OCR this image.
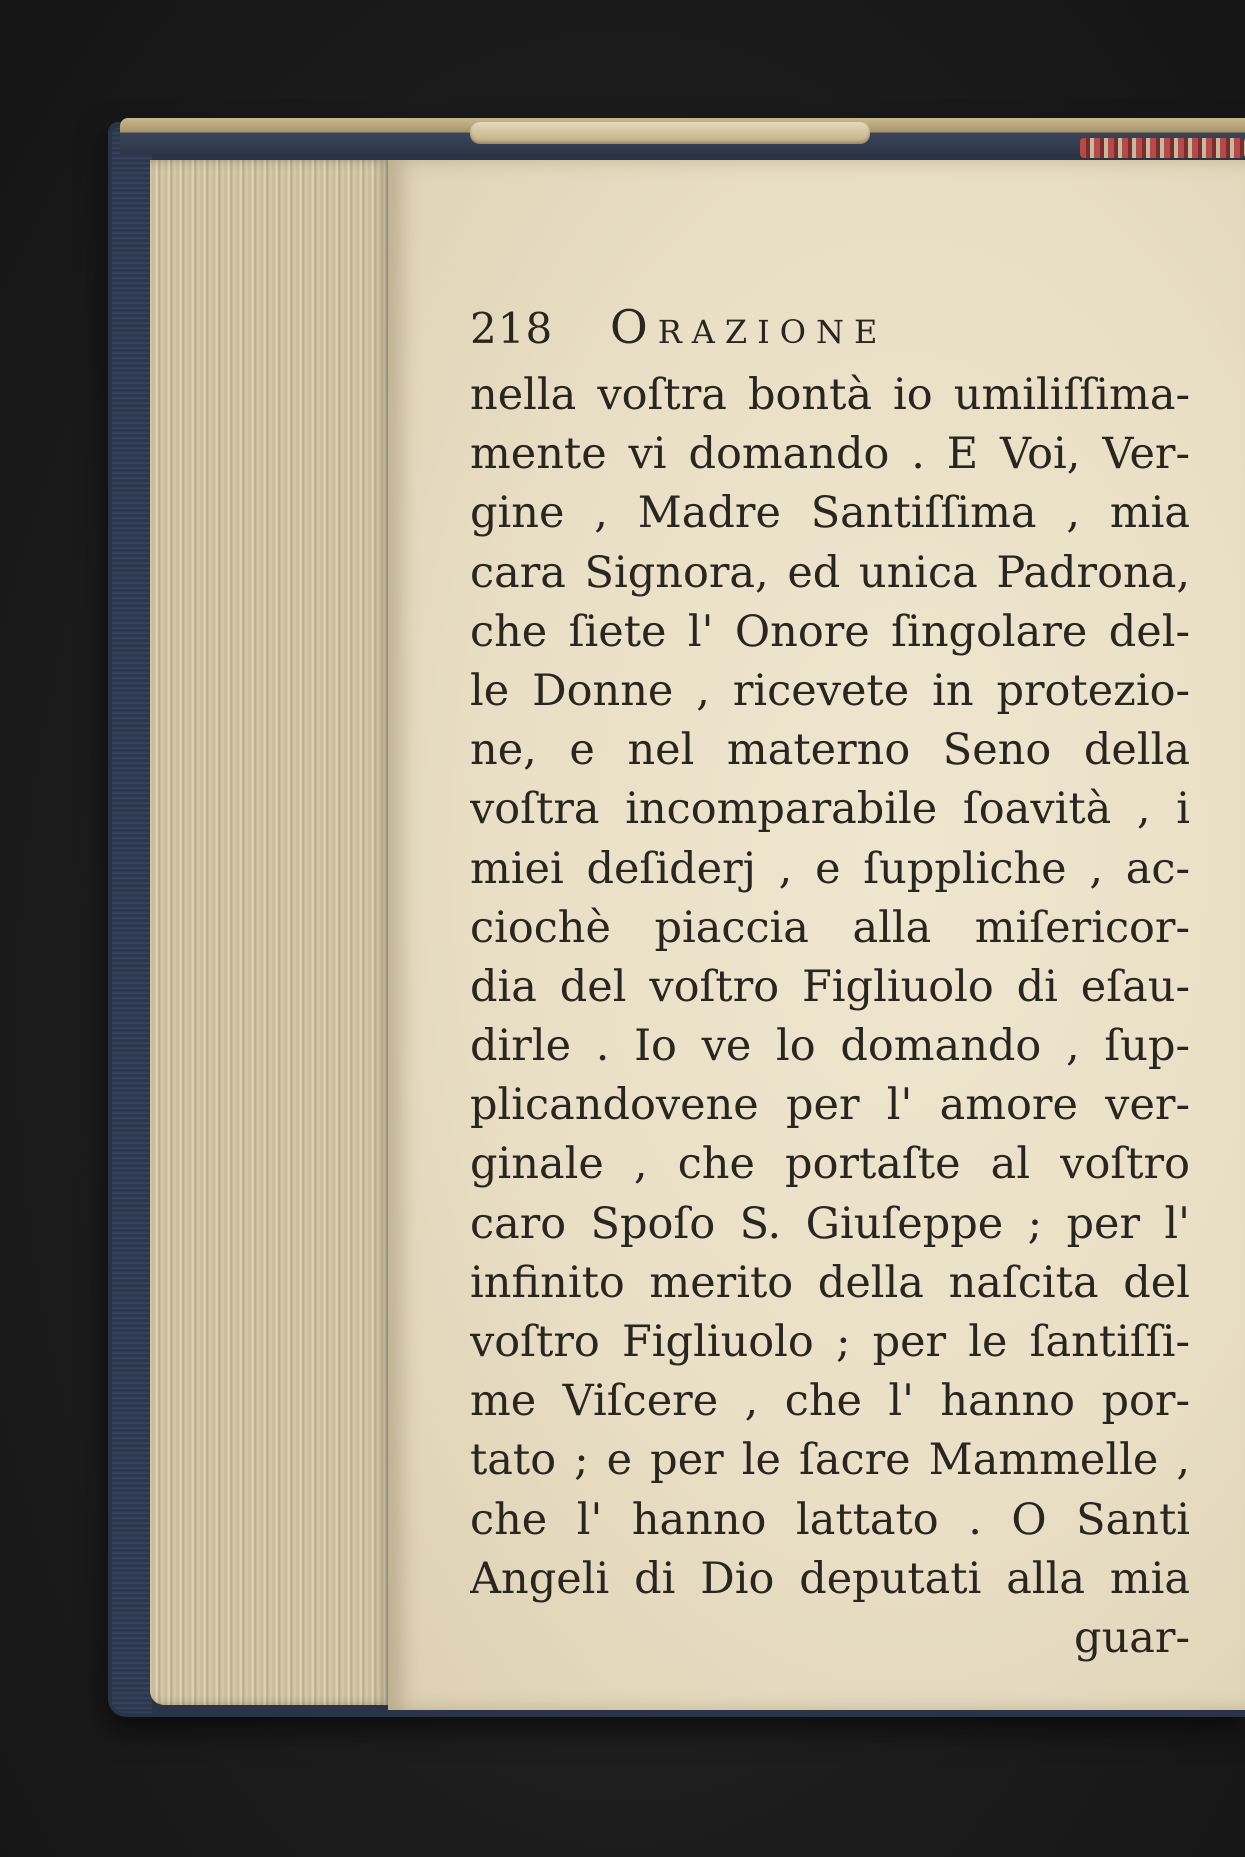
218	Orazione
nella voſtra bontà io umiliſſima-
mente vi domando . E Voi, Ver-
gine , Madre Santiſſima , mia
cara Signora, ed unica Padrona,
che ſiete l' Onore ſingolare del-
le Donne , ricevete in protezio-
ne, e nel materno Seno della
voſtra incomparabile ſoavità , i
miei deſiderj , e ſuppliche , ac-
ciochè piaccia alla miſericor-
dia del voſtro Figliuolo di eſau-
dirle . Io ve lo domando , ſup-
plicandovene per l' amore ver-
ginale , che portaſte al voſtro
caro Spoſo S. Giuſeppe ; per l'
infinito merito della naſcita del
voſtro Figliuolo ; per le ſantiſſi-
me Viſcere , che l' hanno por-
tato ; e per le ſacre Mammelle ,
che l' hanno lattato . O Santi
Angeli di Dio deputati alla mia
guar-
